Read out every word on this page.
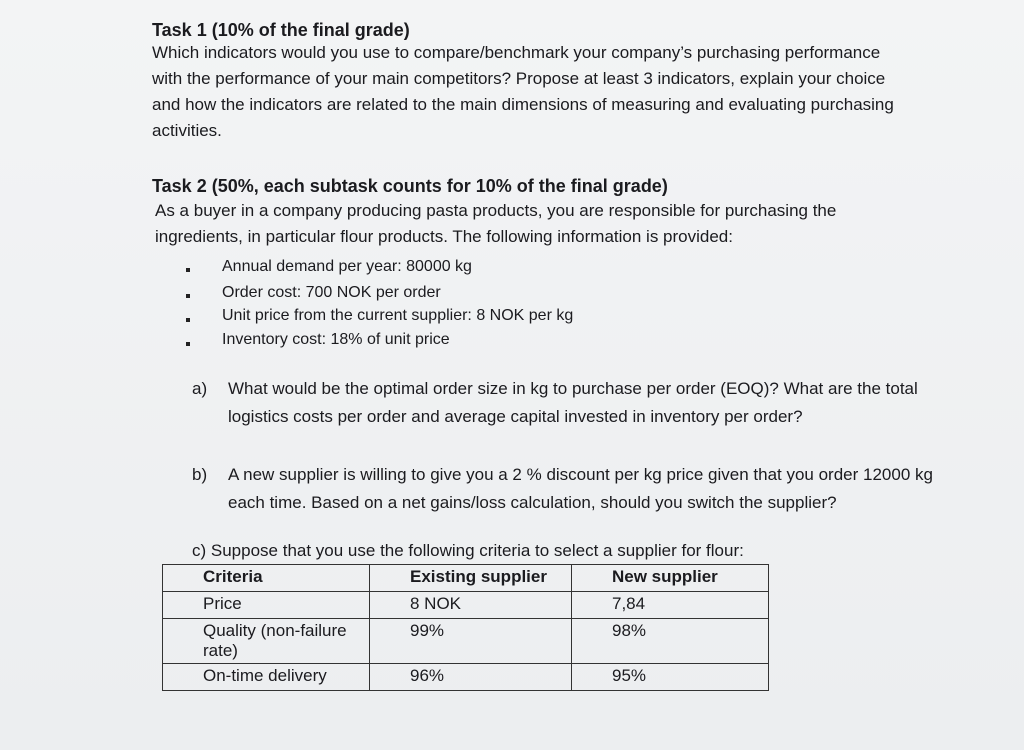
Task 1 (10% of the final grade)
Which indicators would you use to compare/benchmark your company’s purchasing performance
with the performance of your main competitors? Propose at least 3 indicators, explain your choice
and how the indicators are related to the main dimensions of measuring and evaluating purchasing
activities.
Task 2 (50%, each subtask counts for 10% of the final grade)
As a buyer in a company producing pasta products, you are responsible for purchasing the
ingredients, in particular flour products. The following information is provided:
Annual demand per year: 80000 kg
Order cost: 700 NOK per order
Unit price from the current supplier: 8 NOK per kg
Inventory cost: 18% of unit price
a) What would be the optimal order size in kg to purchase per order (EOQ)? What are the total
logistics costs per order and average capital invested in inventory per order?
b) A new supplier is willing to give you a 2 % discount per kg price given that you order 12000 kg
each time. Based on a net gains/loss calculation, should you switch the supplier?
c) Suppose that you use the following criteria to select a supplier for flour:
Criteria	Existing supplier	New supplier
Price	8 NOK	7,84
Quality (non-failure rate)	99%	98%
On-time delivery	96%	95%
